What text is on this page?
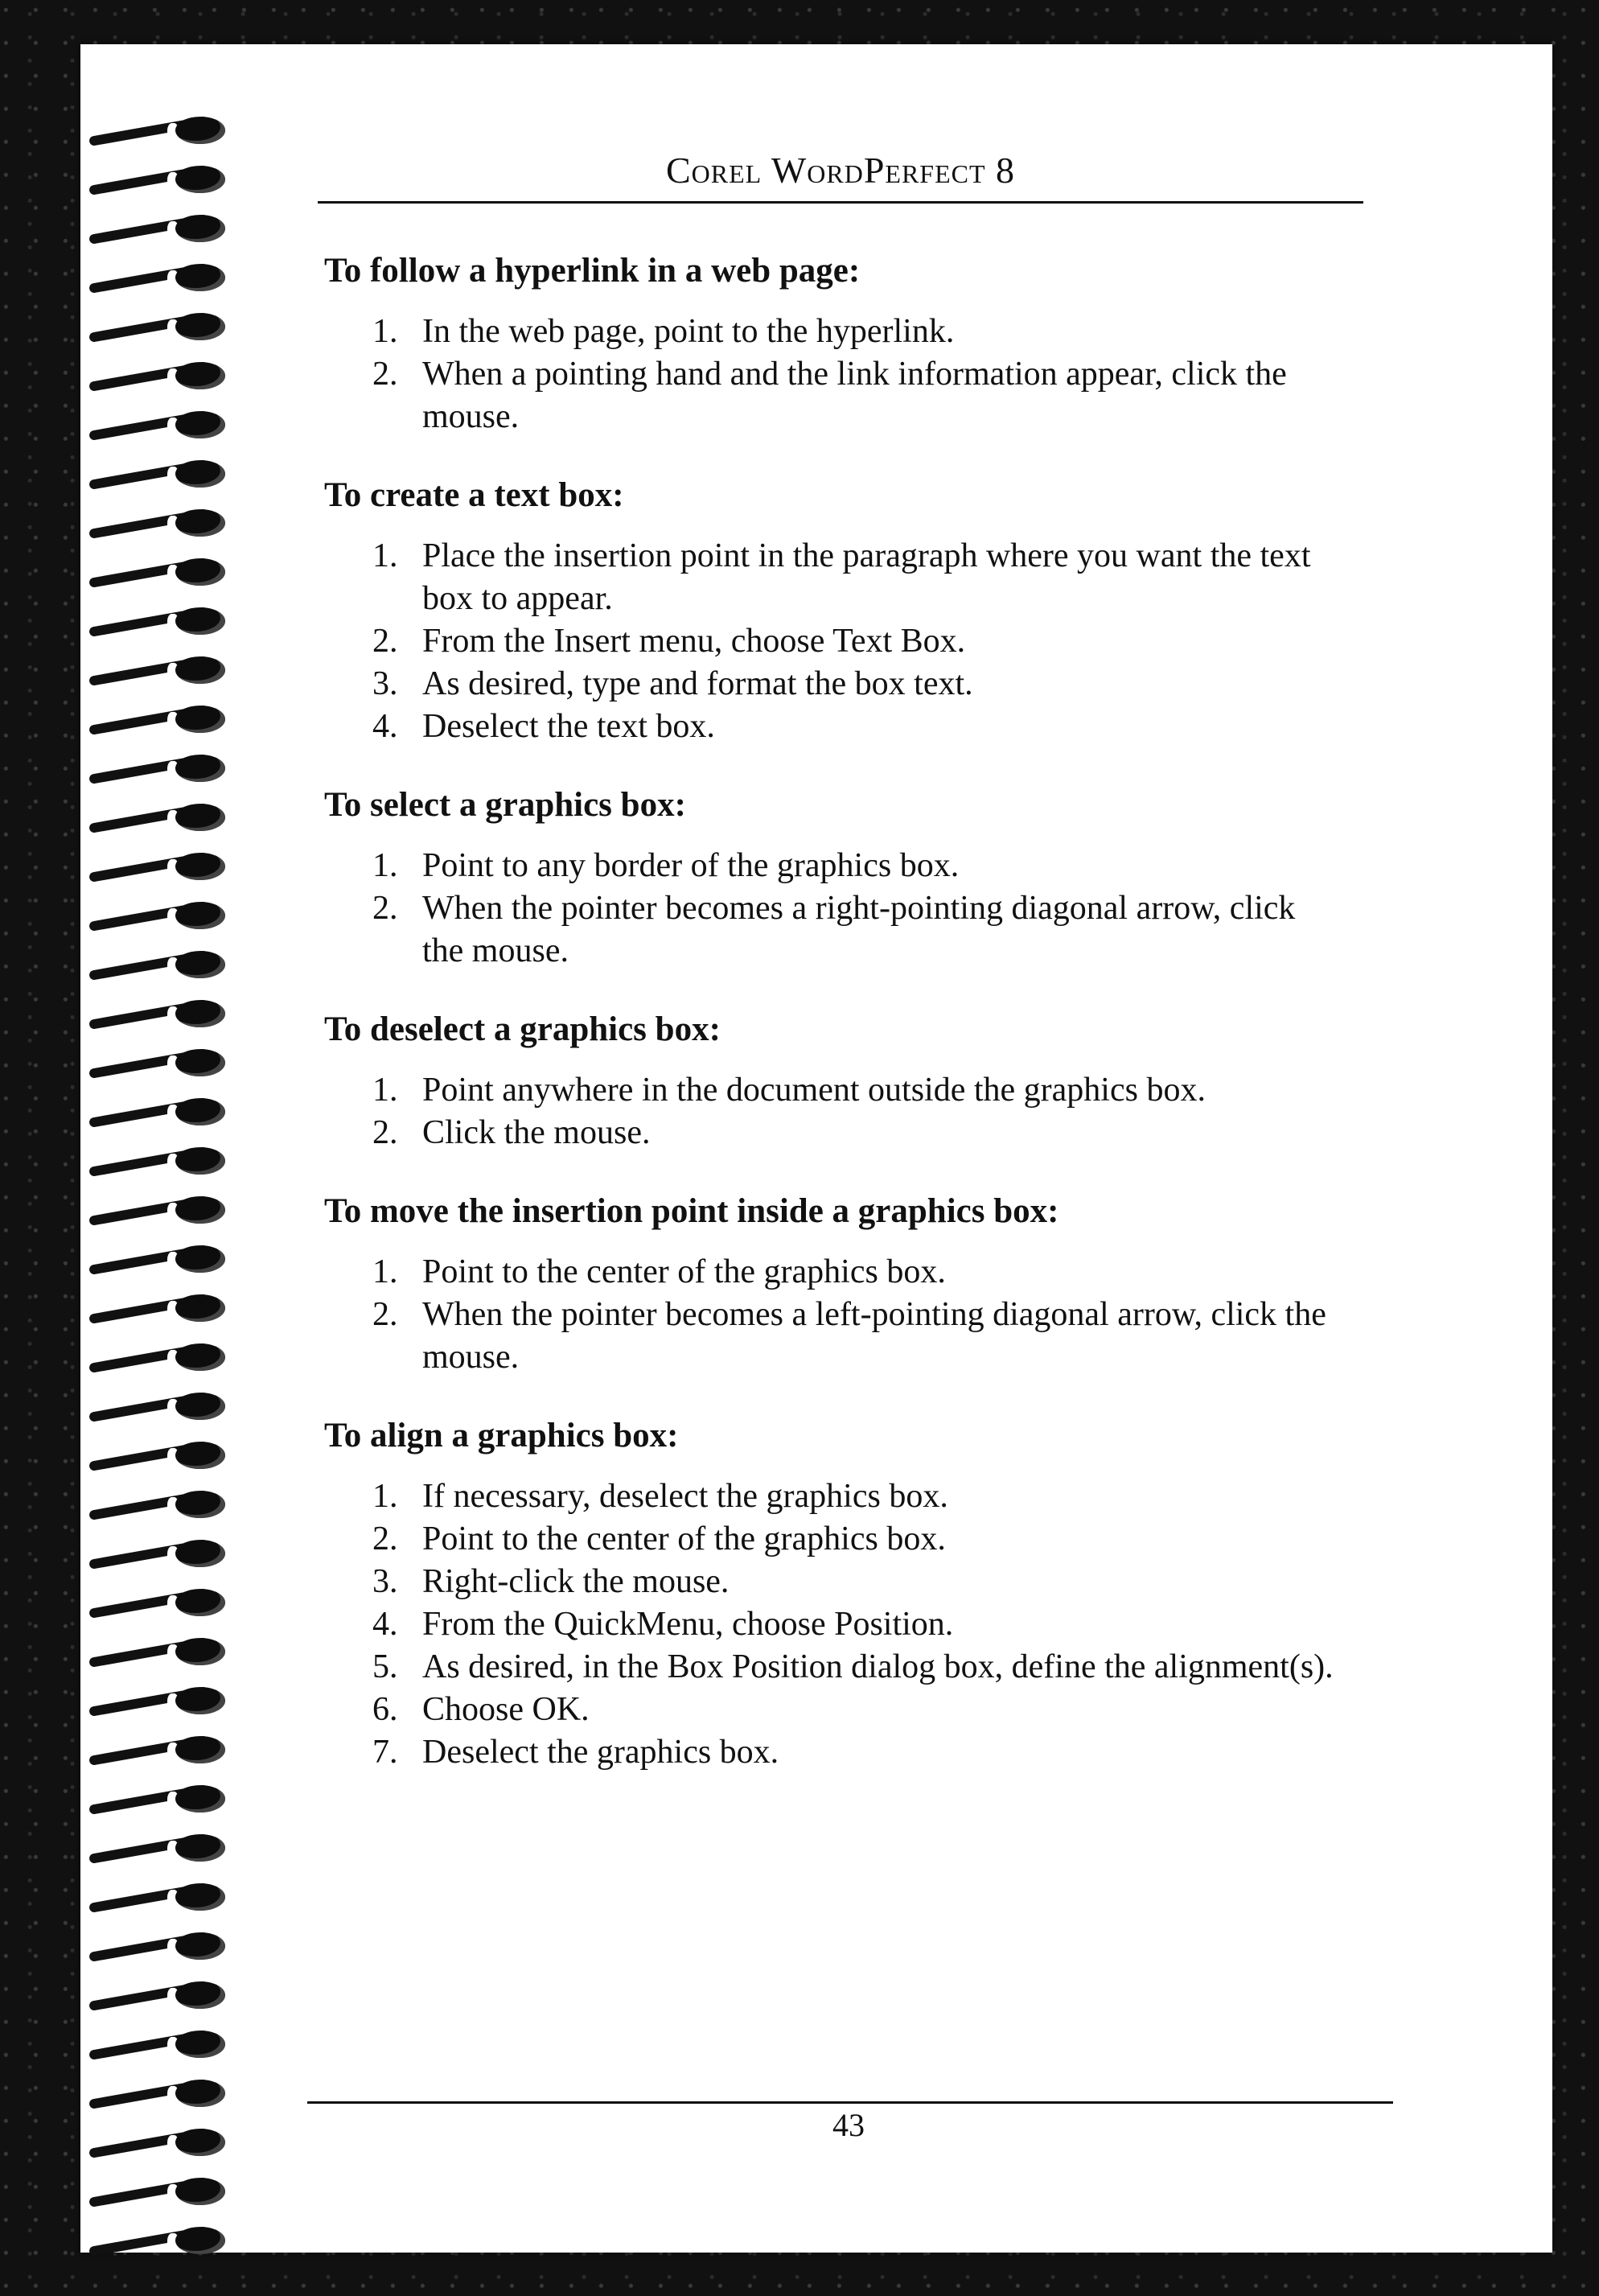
Corel WordPerfect 8
To follow a hyperlink in a web page:
1. In the web page, point to the hyperlink.
2. When a pointing hand and the link information appear, click the mouse.
To create a text box:
1. Place the insertion point in the paragraph where you want the text box to appear.
2. From the Insert menu, choose Text Box.
3. As desired, type and format the box text.
4. Deselect the text box.
To select a graphics box:
1. Point to any border of the graphics box.
2. When the pointer becomes a right-pointing diagonal arrow, click the mouse.
To deselect a graphics box:
1. Point anywhere in the document outside the graphics box.
2. Click the mouse.
To move the insertion point inside a graphics box:
1. Point to the center of the graphics box.
2. When the pointer becomes a left-pointing diagonal arrow, click the mouse.
To align a graphics box:
1. If necessary, deselect the graphics box.
2. Point to the center of the graphics box.
3. Right-click the mouse.
4. From the QuickMenu, choose Position.
5. As desired, in the Box Position dialog box, define the alignment(s).
6. Choose OK.
7. Deselect the graphics box.
43
